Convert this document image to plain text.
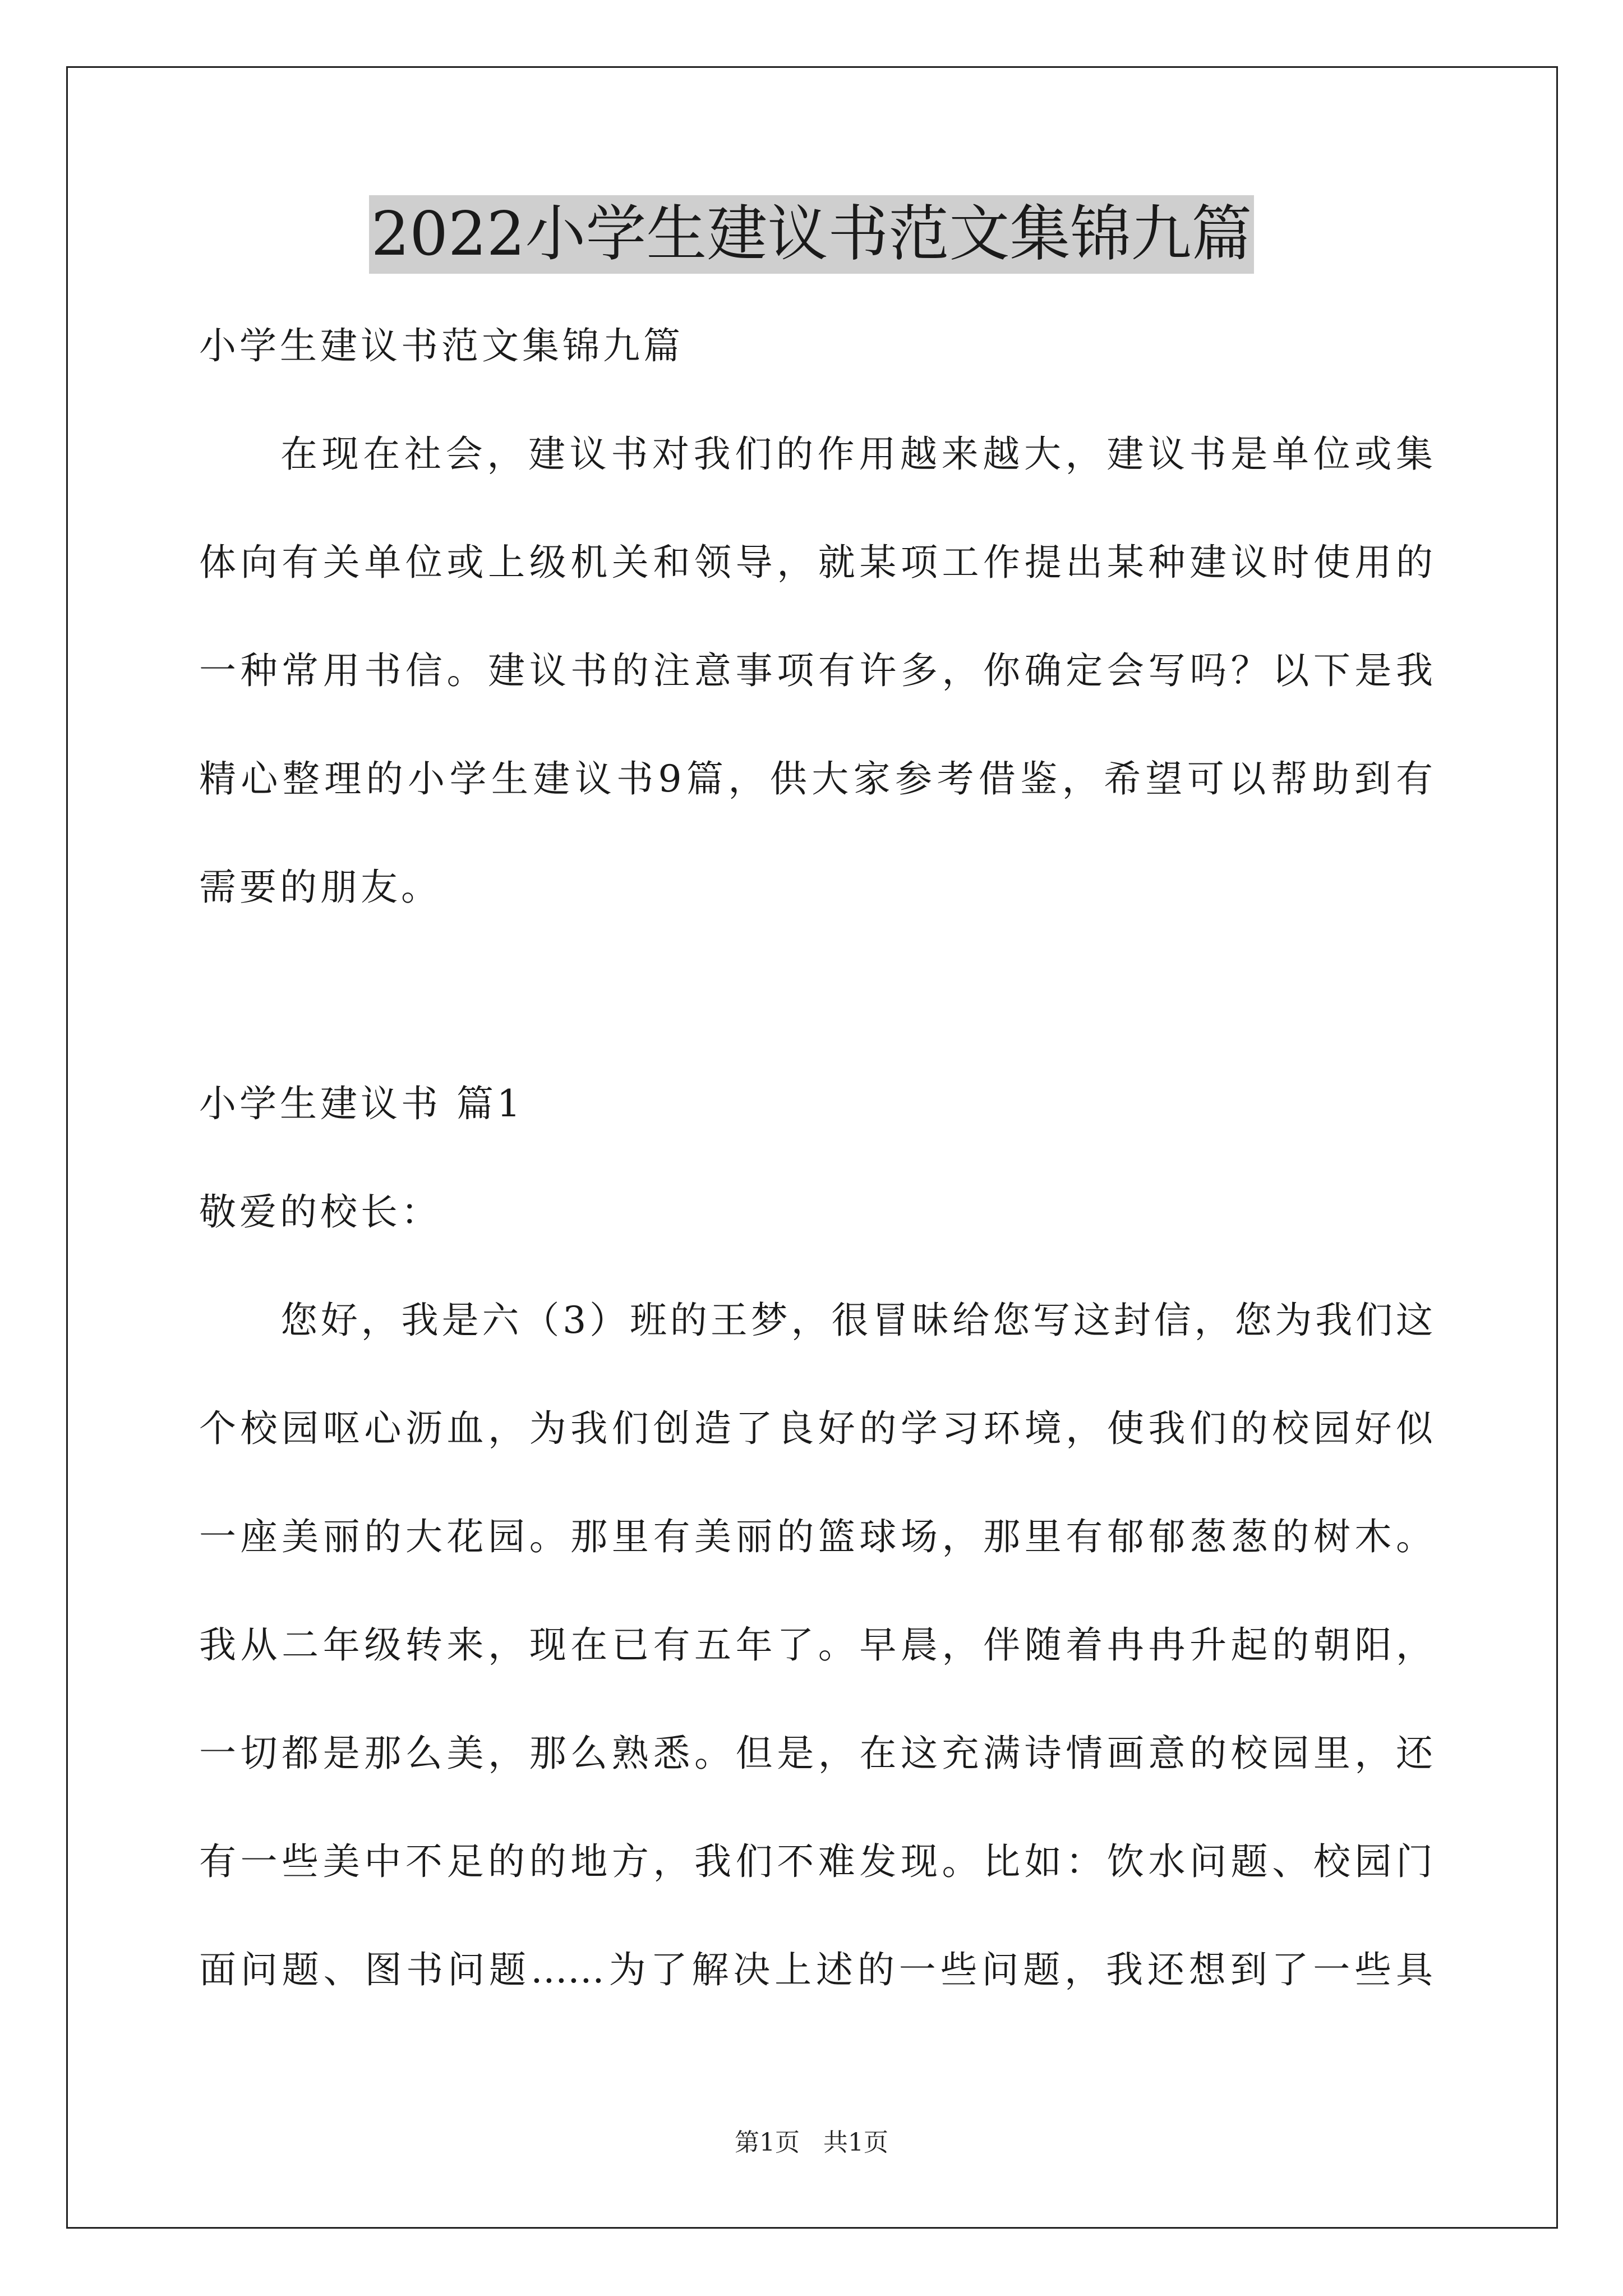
2022小学生建议书范文集锦九篇
小学生建议书范文集锦九篇
在现在社会，建议书对我们的作用越来越大，建议书是单位或集
体向有关单位或上级机关和领导，就某项工作提出某种建议时使用的
一种常用书信。建议书的注意事项有许多，你确定会写吗？以下是我
精心整理的小学生建议书9篇，供大家参考借鉴，希望可以帮助到有
需要的朋友。
小学生建议书 篇1
敬爱的校长：
您好，我是六（3）班的王梦，很冒昧给您写这封信，您为我们这
个校园呕心沥血，为我们创造了良好的学习环境，使我们的校园好似
一座美丽的大花园。那里有美丽的篮球场，那里有郁郁葱葱的树木。
我从二年级转来，现在已有五年了。早晨，伴随着冉冉升起的朝阳，
一切都是那么美，那么熟悉。但是，在这充满诗情画意的校园里，还
有一些美中不足的的地方，我们不难发现。比如：饮水问题、校园门
面问题、图书问题……为了解决上述的一些问题，我还想到了一些具
第1页 共1页
